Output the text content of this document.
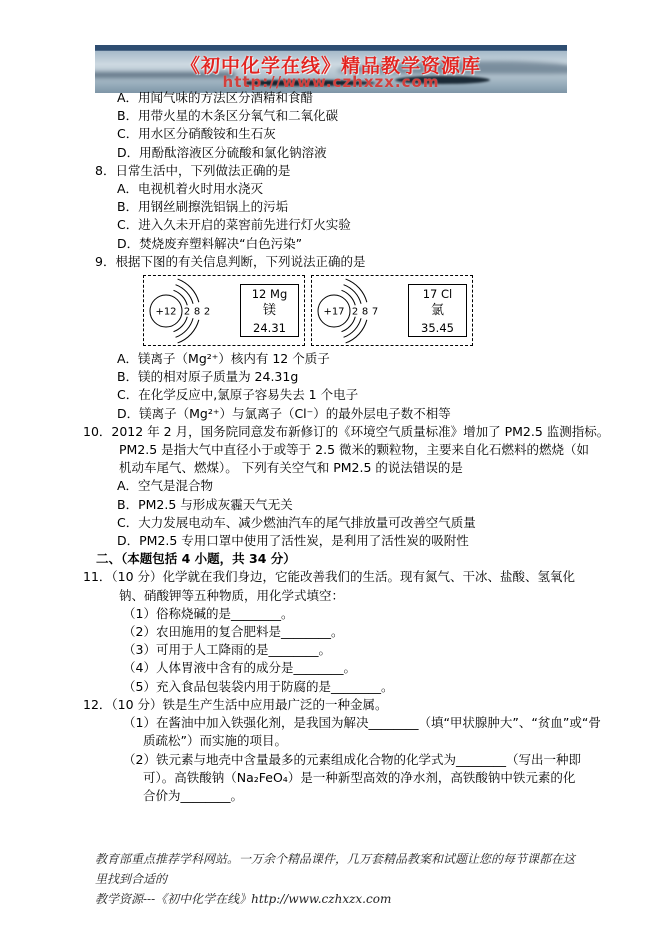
《初中化学在线》精品教学资源库
http://www.czhxzx.com
A．用闻气味的方法区分酒精和食醋
B．用带火星的木条区分氧气和二氧化碳
C．用水区分硝酸铵和生石灰
D．用酚酞溶液区分硫酸和氯化钠溶液
8．日常生活中，下列做法正确的是
A．电视机着火时用水浇灭
B．用钢丝刷擦洗铝锅上的污垢
C．进入久未开启的菜窖前先进行灯火实验
D．焚烧废弃塑料解决“白色污染”
9．根据下图的有关信息判断，下列说法正确的是
+12 2 8 2
12 Mg
镁
24.31
+17 2 8 7
17 Cl
氯
35.45
A．镁离子（Mg²⁺）核内有 12 个质子
B．镁的相对原子质量为 24.31g
C．在化学反应中,氯原子容易失去 1 个电子
D．镁离子（Mg²⁺）与氯离子（Cl⁻）的最外层电子数不相等
10．2012 年 2 月，国务院同意发布新修订的《环境空气质量标准》增加了 PM2.5 监测指标。
PM2.5 是指大气中直径小于或等于 2.5 微米的颗粒物，主要来自化石燃料的燃烧（如
机动车尾气、燃煤）。 下列有关空气和 PM2.5 的说法错误的是
A．空气是混合物
B．PM2.5 与形成灰霾天气无关
C．大力发展电动车、减少燃油汽车的尾气排放量可改善空气质量
D．PM2.5 专用口罩中使用了活性炭，是利用了活性炭的吸附性
二、（本题包括 4 小题，共 34 分）
11．（10 分）化学就在我们身边，它能改善我们的生活。现有氮气、干冰、盐酸、氢氧化
钠、硝酸钾等五种物质，用化学式填空：
（1）俗称烧碱的是________。
（2）农田施用的复合肥料是________。
（3）可用于人工降雨的是________。
（4）人体胃液中含有的成分是________。
（5）充入食品包装袋内用于防腐的是________。
12．（10 分）铁是生产生活中应用最广泛的一种金属。
（1）在酱油中加入铁强化剂，是我国为解决________（填“甲状腺肿大”、“贫血”或“骨
质疏松”）而实施的项目。
（2）铁元素与地壳中含量最多的元素组成化合物的化学式为________（写出一种即
可）。高铁酸钠（Na₂FeO₄）是一种新型高效的净水剂，高铁酸钠中铁元素的化
合价为________。
教育部重点推荐学科网站。一万余个精品课件，几万套精品教案和试题让您的每节课都在这里找到合适的
教学资源---《初中化学在线》http://www.czhxzx.com
